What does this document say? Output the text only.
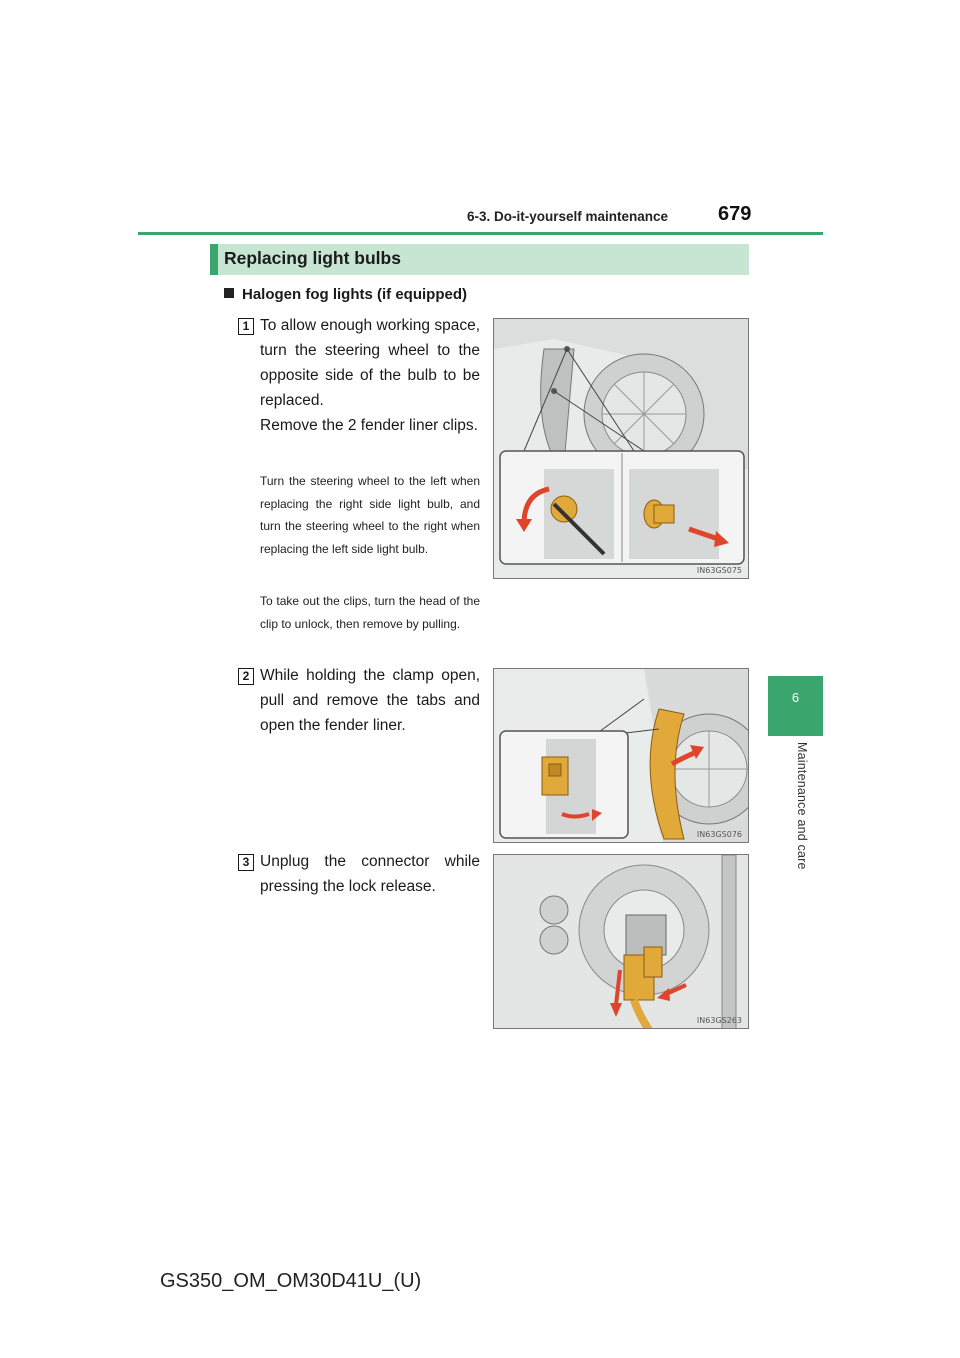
6-3. Do-it-yourself maintenance	679
6
Maintenance and care
Replacing light bulbs
Halogen fog lights (if equipped)
1 To allow enough working space, turn the steering wheel to the opposite side of the bulb to be replaced.
Remove the 2 fender liner clips.
Turn the steering wheel to the left when replacing the right side light bulb, and turn the steering wheel to the right when replacing the left side light bulb.
To take out the clips, turn the head of the clip to unlock, then remove by pulling.
IN63GS075
2 While holding the clamp open, pull and remove the tabs and open the fender liner.
IN63GS076
3 Unplug the connector while pressing the lock release.
IN63GS263
GS350_OM_OM30D41U_(U)
